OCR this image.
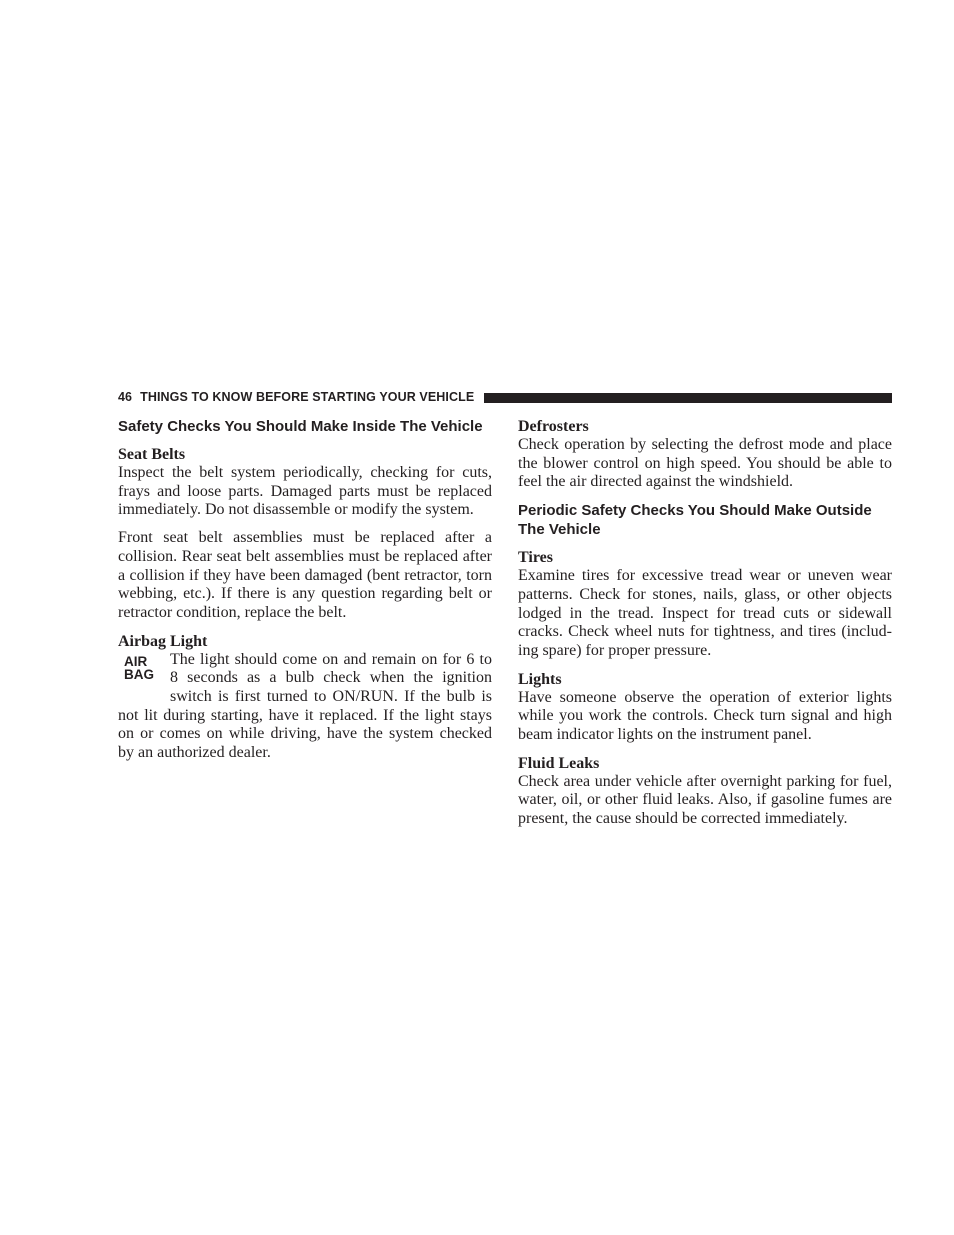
46 THINGS TO KNOW BEFORE STARTING YOUR VEHICLE
Safety Checks You Should Make Inside The Vehicle
Seat Belts

Inspect the belt system periodically, checking for cuts, frays and loose parts. Damaged parts must be replaced immediately. Do not disassemble or modify the system.

Front seat belt assemblies must be replaced after a collision. Rear seat belt assemblies must be replaced after a collision if they have been damaged (bent retractor, torn webbing, etc.). If there is any question regarding belt or retractor condition, replace the belt.

Airbag Light
AIR
BAG

The light should come on and remain on for 6 to 8 seconds as a bulb check when the ignition switch is first turned to ON/RUN. If the bulb is not lit during starting, have it replaced. If the light stays on or comes on while driving, have the system checked by an authorized dealer.

Defrosters

Check operation by selecting the defrost mode and place the blower control on high speed. You should be able to feel the air directed against the windshield.

Periodic Safety Checks You Should Make Outside The Vehicle
Tires

Examine tires for excessive tread wear or uneven wear patterns. Check for stones, nails, glass, or other objects lodged in the tread. Inspect for tread cuts or sidewall cracks. Check wheel nuts for tightness, and tires (includ-ing spare) for proper pressure.

Lights

Have someone observe the operation of exterior lights while you work the controls. Check turn signal and high beam indicator lights on the instrument panel.

Fluid Leaks

Check area under vehicle after overnight parking for fuel, water, oil, or other fluid leaks. Also, if gasoline fumes are present, the cause should be corrected immediately.
